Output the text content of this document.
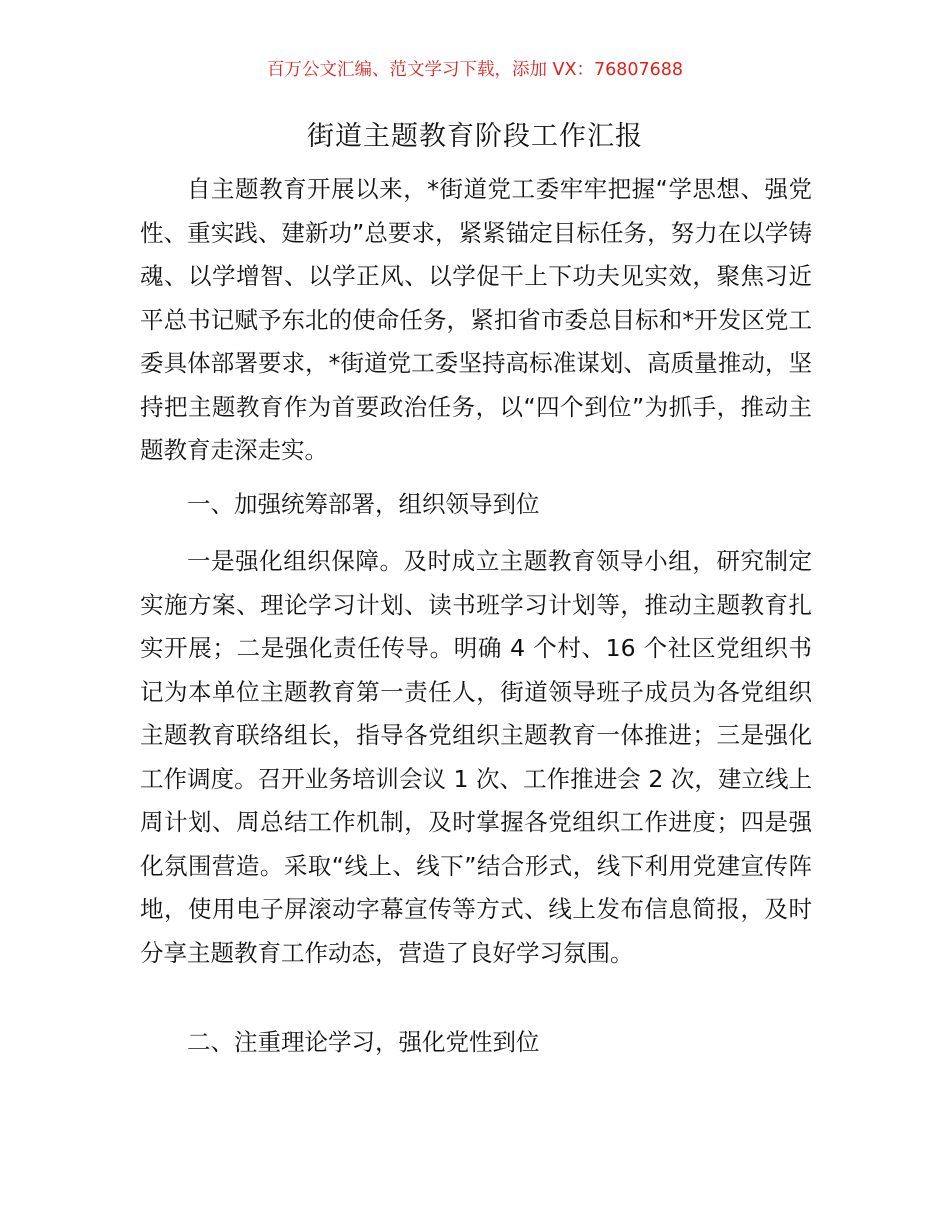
百万公文汇编、范文学习下载，添加 VX：76807688
街道主题教育阶段工作汇报

自主题教育开展以来，*街道党工委牢牢把握“学思想、强党性、重实践、建新功”总要求，紧紧锚定目标任务，努力在以学铸魂、以学增智、以学正风、以学促干上下功夫见实效，聚焦习近平总书记赋予东北的使命任务，紧扣省市委总目标和*开发区党工委具体部署要求，*街道党工委坚持高标准谋划、高质量推动，坚持把主题教育作为首要政治任务，以“四个到位”为抓手，推动主题教育走深走实。

一、加强统筹部署，组织领导到位

一是强化组织保障。及时成立主题教育领导小组，研究制定实施方案、理论学习计划、读书班学习计划等，推动主题教育扎实开展；二是强化责任传导。明确 4 个村、16 个社区党组织书记为本单位主题教育第一责任人，街道领导班子成员为各党组织主题教育联络组长，指导各党组织主题教育一体推进；三是强化工作调度。召开业务培训会议 1 次、工作推进会 2 次，建立线上周计划、周总结工作机制，及时掌握各党组织工作进度；四是强化氛围营造。采取“线上、线下”结合形式，线下利用党建宣传阵地，使用电子屏滚动字幕宣传等方式、线上发布信息简报，及时分享主题教育工作动态，营造了良好学习氛围。

二、注重理论学习，强化党性到位
